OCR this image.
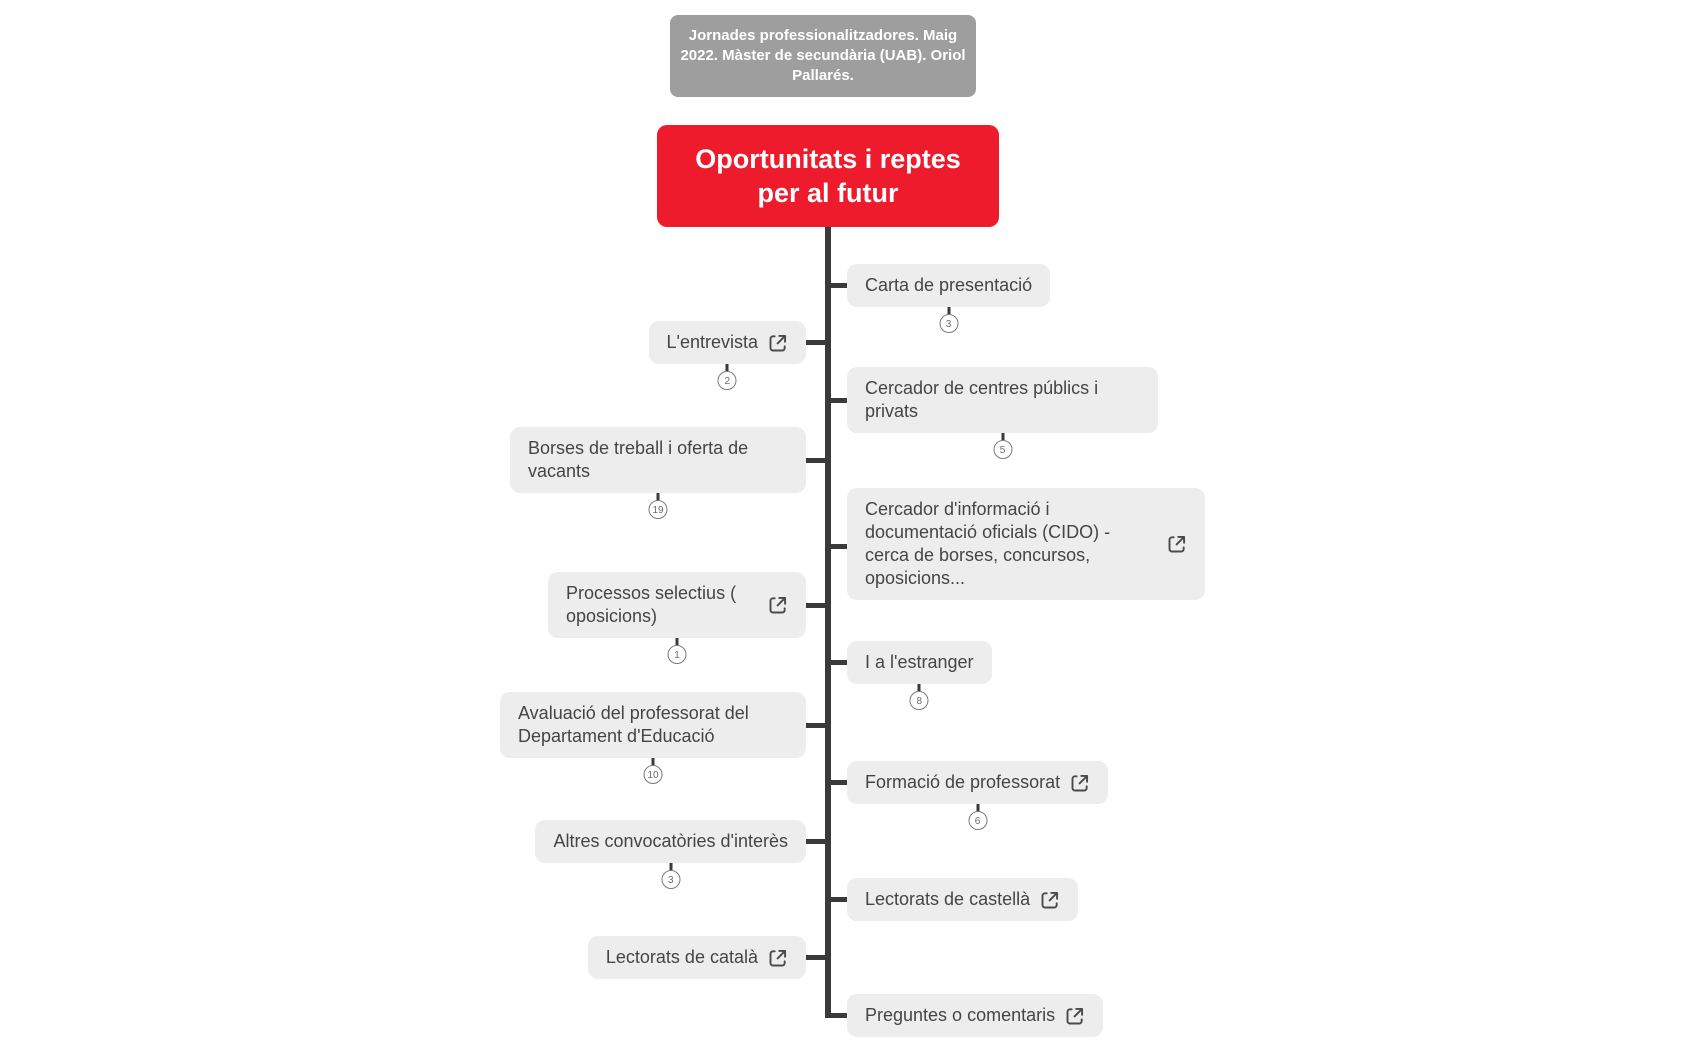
Jornades professionalitzadores. Maig 2022. Màster de secundària (UAB). Oriol Pallarés.
Oportunitats i reptes per al futur
Carta de presentació
3
L'entrevista
2	Cercador de centres públics i privats
5
Borses de treball i oferta de vacants
19	Cercador d'informació i documentació oficials (CIDO) - cerca de borses, concursos, oposicions...
Processos selectius ( oposicions)
1	I a l'estranger
8
Avaluació del professorat del Departament d'Educació
10	Formació de professorat
6
Altres convocatòries d'interès
3
Lectorats de castellà
Lectorats de català
Preguntes o comentaris
